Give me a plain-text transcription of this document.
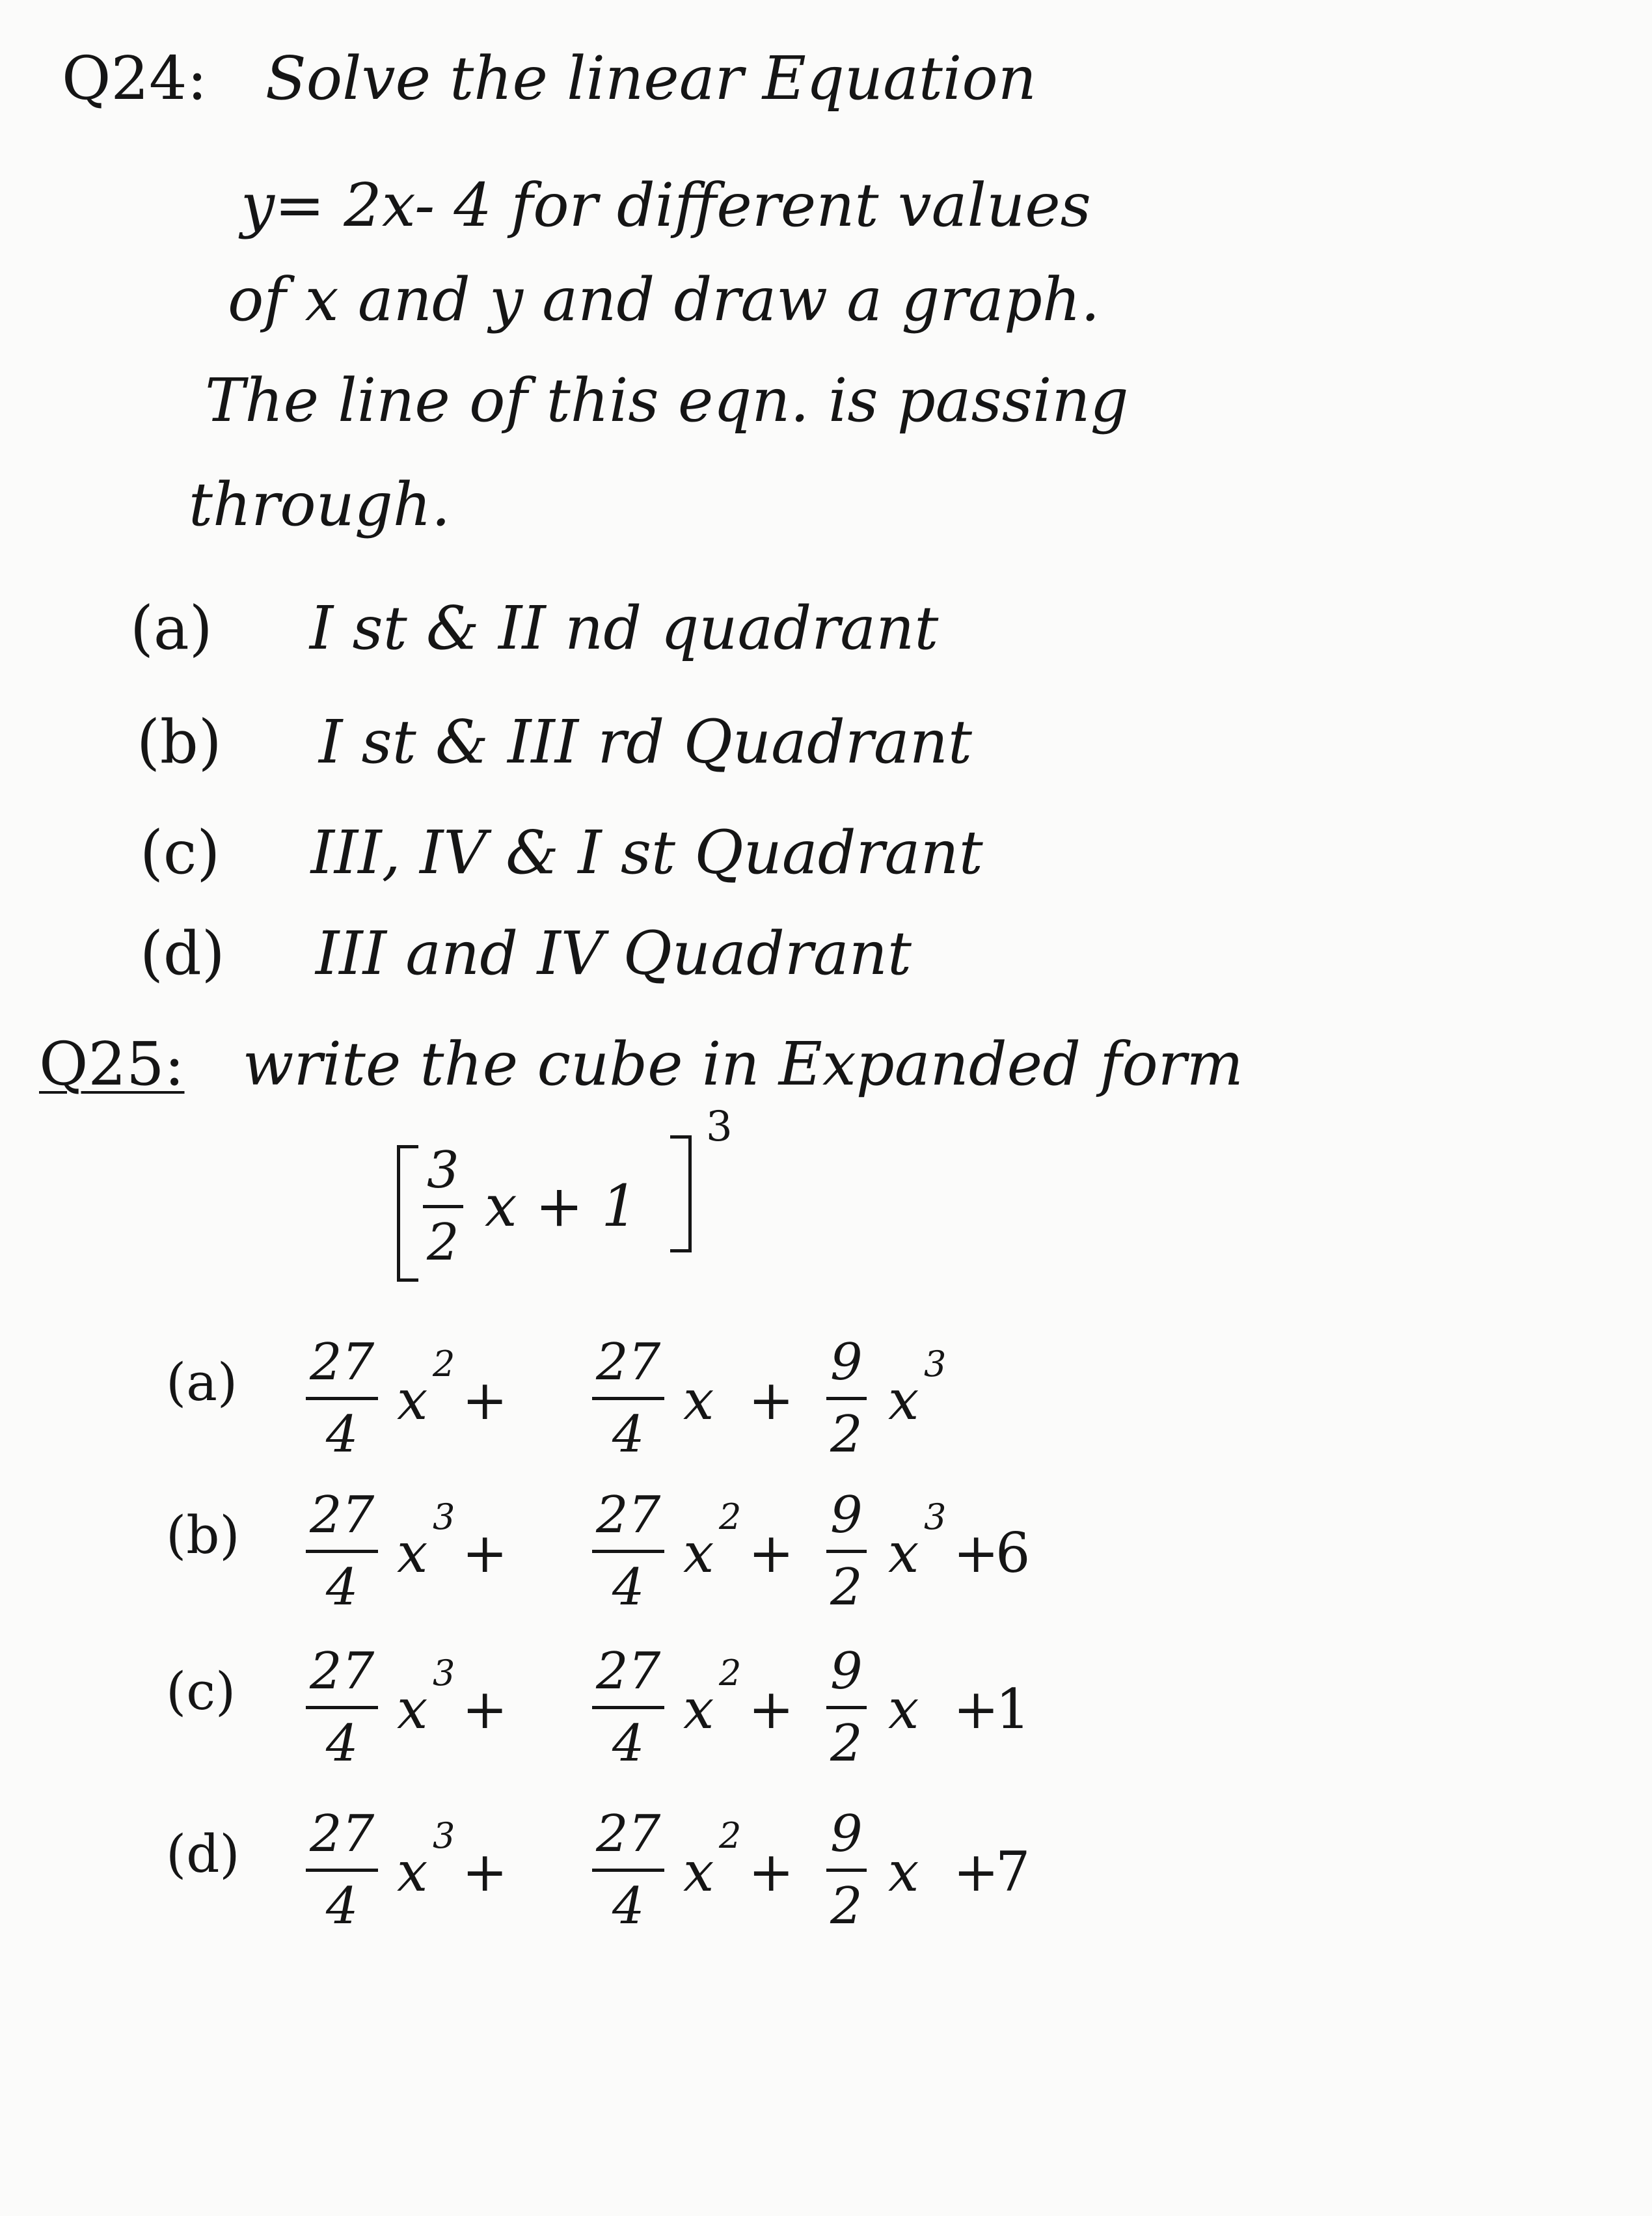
Q24: Solve the linear Equation
y= 2x- 4 for different values
of x and y and draw a graph.
The line of this eqn. is passing
through.
(a) I st & II nd quadrant
(b) I st & III rd Quadrant
(c) III, IV & I st Quadrant
(d) III and IV Quadrant
Q25: write the cube in Expanded form
3
2
x + 1
3
(a) 27
4
x
2
+
27
4
x +
9
2
x
3
(b) 27
4
x
3
+
27
4
x
2
+
9
2
x
3
+
6
(c) 27
4
x
3
+
27
4
x
2
+
9
2
x +
1
(d) 27
4
x
3
+
27
4
x
2
+
9
2
x +
7
